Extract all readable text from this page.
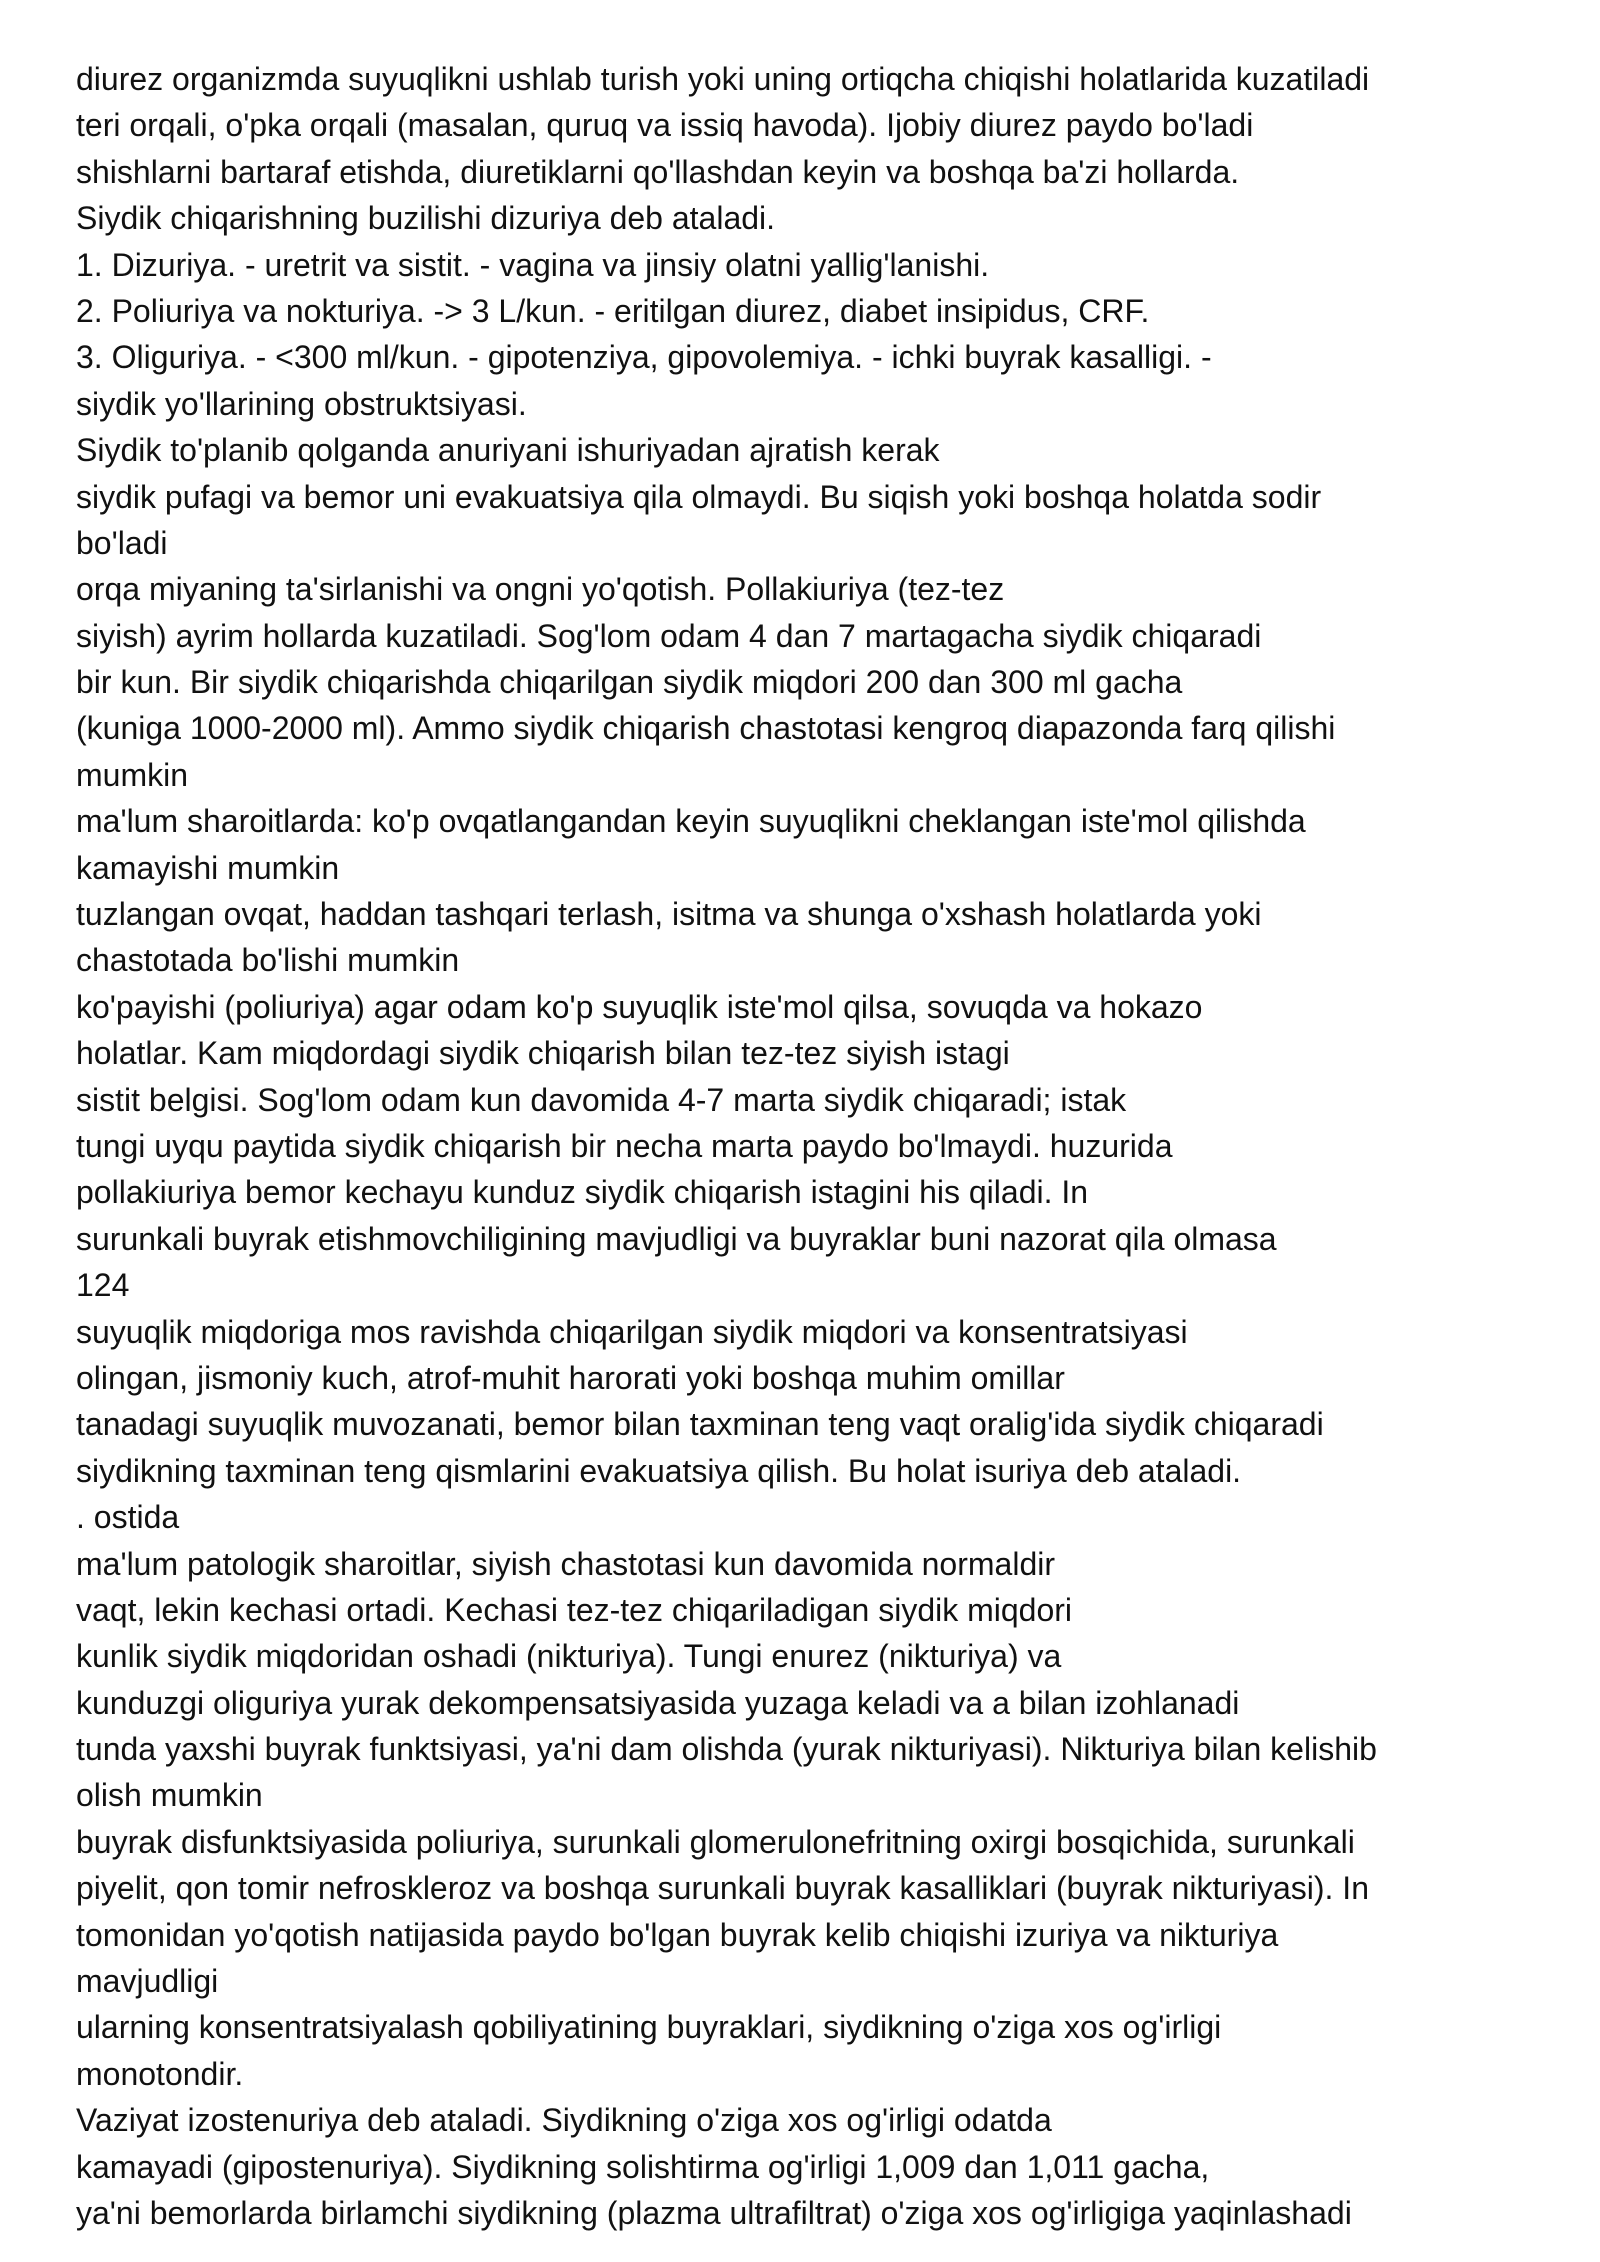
diurez organizmda suyuqlikni ushlab turish yoki uning ortiqcha chiqishi holatlarida kuzatiladi
teri orqali, o'pka orqali (masalan, quruq va issiq havoda). Ijobiy diurez paydo bo'ladi
shishlarni bartaraf etishda, diuretiklarni qo'llashdan keyin va boshqa ba'zi hollarda.
Siydik chiqarishning buzilishi dizuriya deb ataladi.
1. Dizuriya. - uretrit va sistit. - vagina va jinsiy olatni yallig'lanishi.
2. Poliuriya va nokturiya. -> 3 L/kun. - eritilgan diurez, diabet insipidus, CRF.
3. Oliguriya. - <300 ml/kun. - gipotenziya, gipovolemiya. - ichki buyrak kasalligi. -
siydik yo'llarining obstruktsiyasi.
Siydik to'planib qolganda anuriyani ishuriyadan ajratish kerak
siydik pufagi va bemor uni evakuatsiya qila olmaydi. Bu siqish yoki boshqa holatda sodir
bo'ladi
orqa miyaning ta'sirlanishi va ongni yo'qotish. Pollakiuriya (tez-tez
siyish) ayrim hollarda kuzatiladi. Sog'lom odam 4 dan 7 martagacha siydik chiqaradi
bir kun. Bir siydik chiqarishda chiqarilgan siydik miqdori 200 dan 300 ml gacha
(kuniga 1000-2000 ml). Ammo siydik chiqarish chastotasi kengroq diapazonda farq qilishi
mumkin
ma'lum sharoitlarda: ko'p ovqatlangandan keyin suyuqlikni cheklangan iste'mol qilishda
kamayishi mumkin
tuzlangan ovqat, haddan tashqari terlash, isitma va shunga o'xshash holatlarda yoki
chastotada bo'lishi mumkin
ko'payishi (poliuriya) agar odam ko'p suyuqlik iste'mol qilsa, sovuqda va hokazo
holatlar. Kam miqdordagi siydik chiqarish bilan tez-tez siyish istagi
sistit belgisi. Sog'lom odam kun davomida 4-7 marta siydik chiqaradi; istak
tungi uyqu paytida siydik chiqarish bir necha marta paydo bo'lmaydi. huzurida
pollakiuriya bemor kechayu kunduz siydik chiqarish istagini his qiladi. In
surunkali buyrak etishmovchiligining mavjudligi va buyraklar buni nazorat qila olmasa
124
suyuqlik miqdoriga mos ravishda chiqarilgan siydik miqdori va konsentratsiyasi
olingan, jismoniy kuch, atrof-muhit harorati yoki boshqa muhim omillar
tanadagi suyuqlik muvozanati, bemor bilan taxminan teng vaqt oralig'ida siydik chiqaradi
siydikning taxminan teng qismlarini evakuatsiya qilish. Bu holat isuriya deb ataladi.
. ostida
ma'lum patologik sharoitlar, siyish chastotasi kun davomida normaldir
vaqt, lekin kechasi ortadi. Kechasi tez-tez chiqariladigan siydik miqdori
kunlik siydik miqdoridan oshadi (nikturiya). Tungi enurez (nikturiya) va
kunduzgi oliguriya yurak dekompensatsiyasida yuzaga keladi va a bilan izohlanadi
tunda yaxshi buyrak funktsiyasi, ya'ni dam olishda (yurak nikturiyasi). Nikturiya bilan kelishib
olish mumkin
buyrak disfunktsiyasida poliuriya, surunkali glomerulonefritning oxirgi bosqichida, surunkali
piyelit, qon tomir nefroskleroz va boshqa surunkali buyrak kasalliklari (buyrak nikturiyasi). In
tomonidan yo'qotish natijasida paydo bo'lgan buyrak kelib chiqishi izuriya va nikturiya
mavjudligi
ularning konsentratsiyalash qobiliyatining buyraklari, siydikning o'ziga xos og'irligi
monotondir.
Vaziyat izostenuriya deb ataladi. Siydikning o'ziga xos og'irligi odatda
kamayadi (gipostenuriya). Siydikning solishtirma og'irligi 1,009 dan 1,011 gacha,
ya'ni bemorlarda birlamchi siydikning (plazma ultrafiltrat) o'ziga xos og'irligiga yaqinlashadi
